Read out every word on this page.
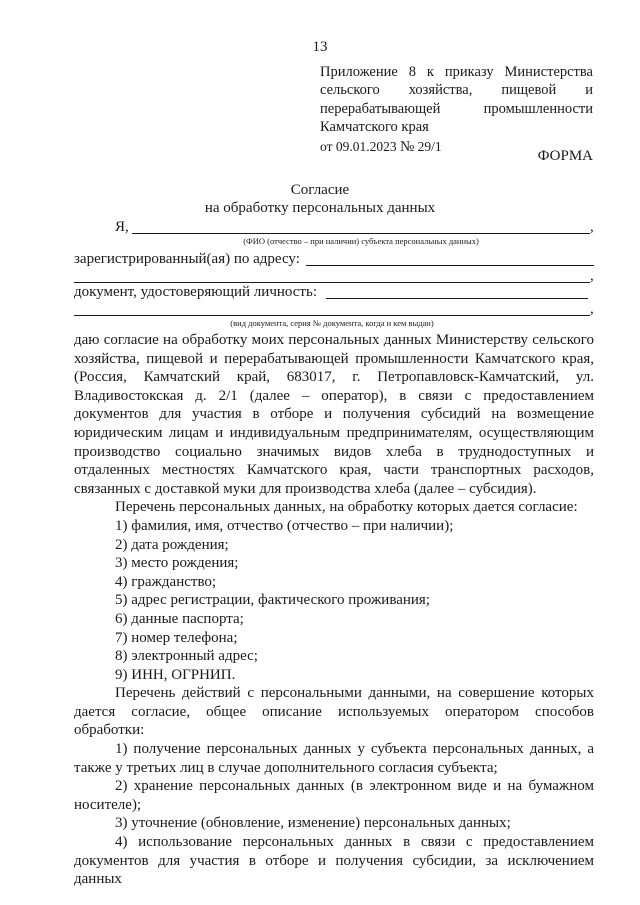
13
Приложение 8 к приказу Министерства сельского хозяйства, пищевой и перерабатывающей промышленности Камчатского края
от 09.01.2023 № 29/1
ФОРМА
Согласие
на обработку персональных данных
Я,	,
(ФИО (отчество – при наличии) субъекта персональных данных)
зарегистрированный(ая) по адресу:
,
документ, удостоверяющий личность:
,
(вид документа, серия № документа, когда и кем выдан)

даю согласие на обработку моих персональных данных Министерству сельского хозяйства, пищевой и перерабатывающей промышленности Камчатского края, (Россия, Камчатский край, 683017, г. Петропавловск-Камчатский, ул. Владивостокская д. 2/1 (далее – оператор), в связи с предоставлением документов для участия в отборе и получения субсидий на возмещение юридическим лицам и индивидуальным предпринимателям, осуществляющим производство социально значимых видов хлеба в труднодоступных и отдаленных местностях Камчатского края, части транспортных расходов, связанных с доставкой муки для производства хлеба (далее – субсидия).

Перечень персональных данных, на обработку которых дается согласие:

1) фамилия, имя, отчество (отчество – при наличии);

2) дата рождения;

3) место рождения;

4) гражданство;

5) адрес регистрации, фактического проживания;

6) данные паспорта;

7) номер телефона;

8) электронный адрес;

9) ИНН, ОГРНИП.

Перечень действий с персональными данными, на совершение которых дается согласие, общее описание используемых оператором способов обработки:

1) получение персональных данных у субъекта персональных данных, а также у третьих лиц в случае дополнительного согласия субъекта;

2) хранение персональных данных (в электронном виде и на бумажном носителе);

3) уточнение (обновление, изменение) персональных данных;

4) использование персональных данных в связи с предоставлением документов для участия в отборе и получения субсидии, за исключением данных
